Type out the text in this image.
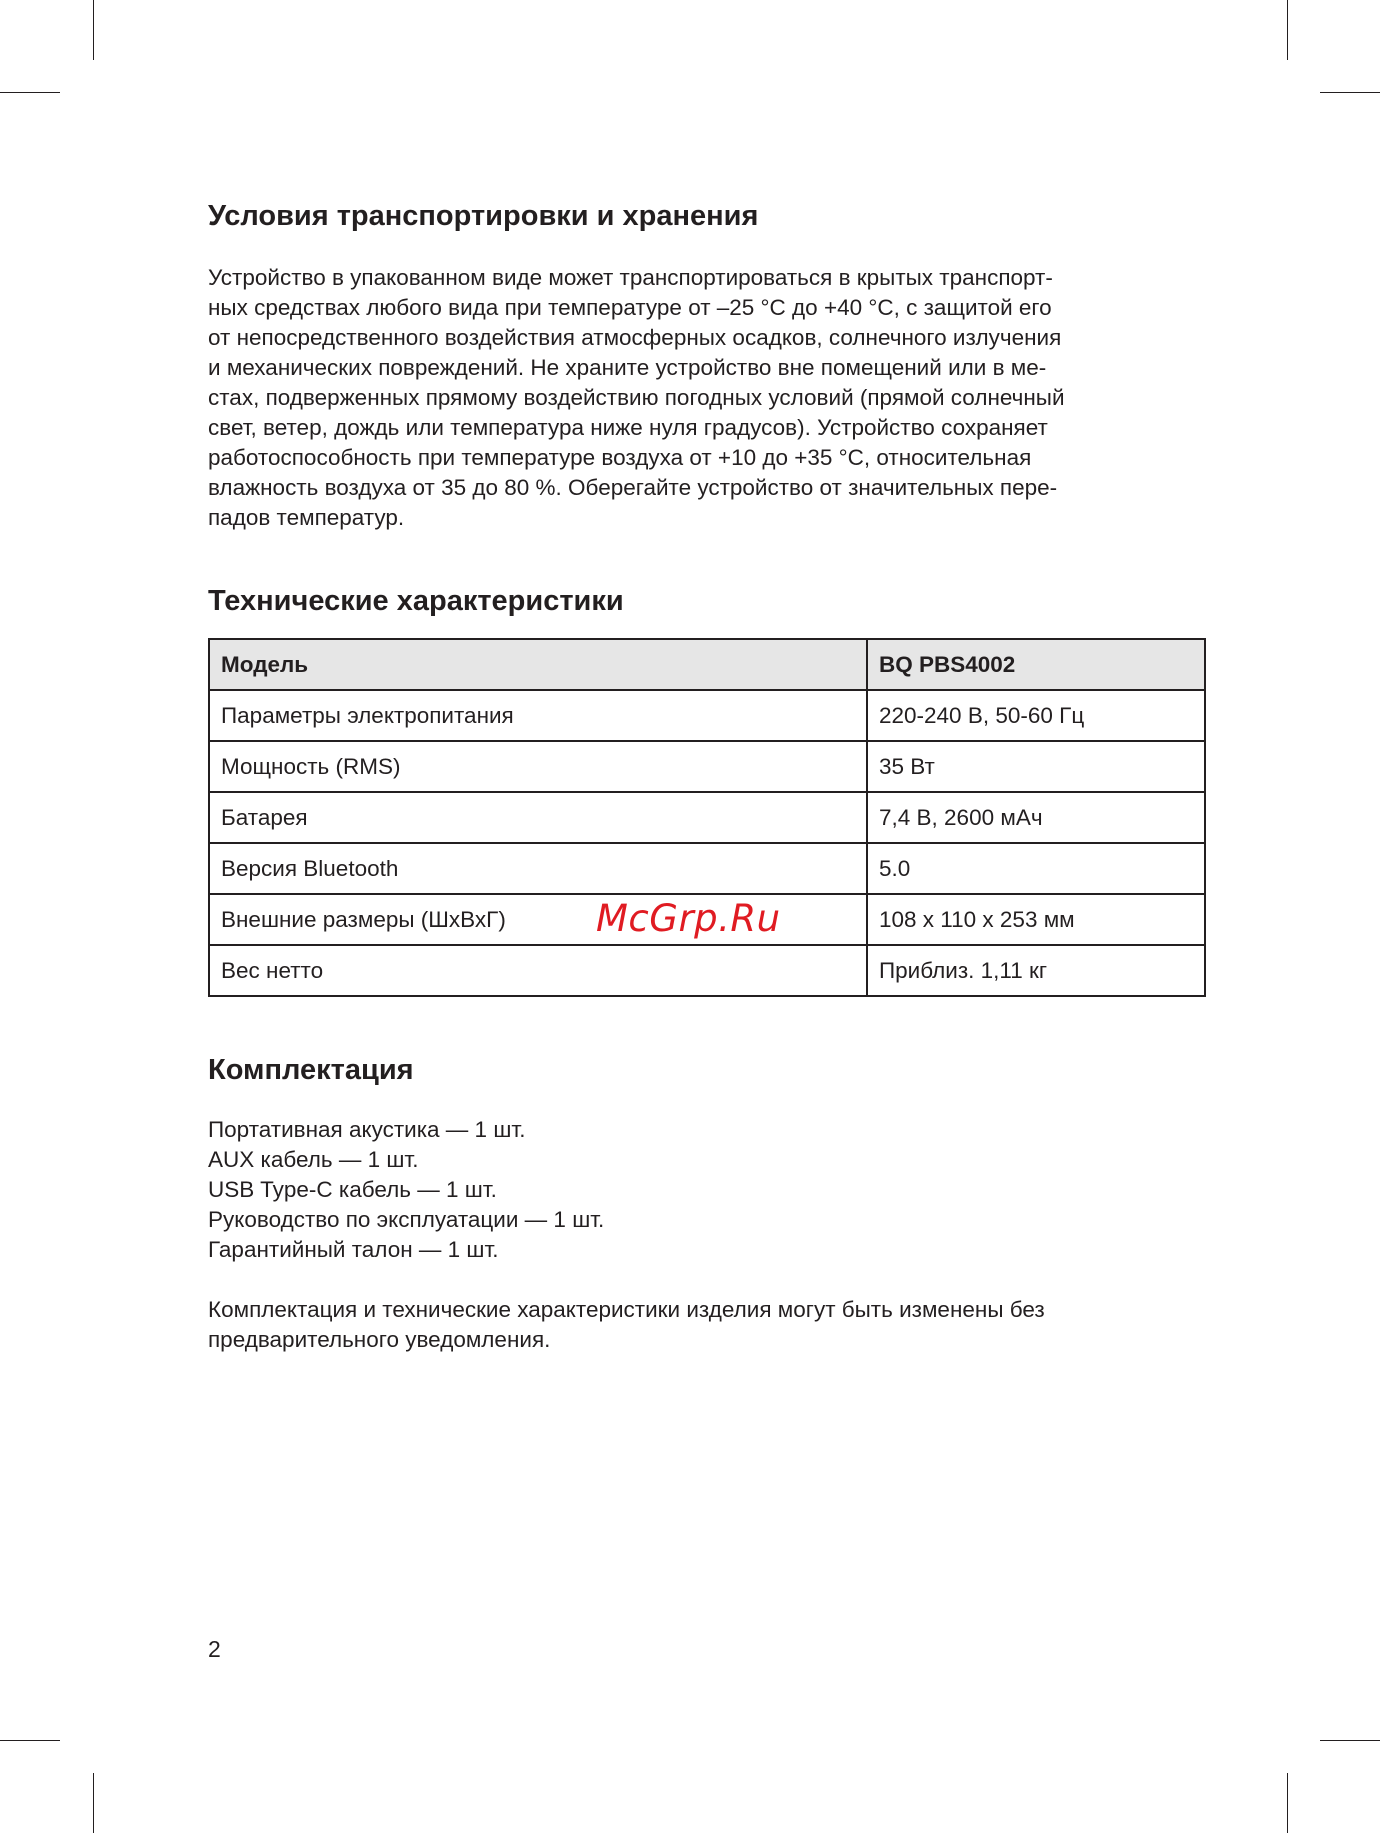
Условия транспортировки и хранения

Устройство в упакованном виде может транспортироваться в крытых транспорт-
ных средствах любого вида при температуре от –25 °C до +40 °C, с защитой его
от непосредственного воздействия атмосферных осадков, солнечного излучения
и механических повреждений. Не храните устройство вне помещений или в ме-
стах, подверженных прямому воздействию погодных условий (прямой солнечный
свет, ветер, дождь или температура ниже нуля градусов). Устройство сохраняет
работоспособность при температуре воздуха от +10 до +35 °C, относительная
влажность воздуха от 35 до 80 %. Оберегайте устройство от значительных пере-
падов температур.

Технические характеристики
Модель	BQ PBS4002
Параметры электропитания	220-240 В, 50-60 Гц
Мощность (RMS)	35 Вт
Батарея	7,4 В, 2600 мАч
Версия Bluetooth	5.0
Внешние размеры (ШхВхГ)	108 x 110 x 253 мм
Вес нетто	Приблиз. 1,11 кг
Комплектация

Портативная акустика — 1 шт.
AUX кабель — 1 шт.
USB Type-C кабель — 1 шт.
Руководство по эксплуатации — 1 шт.
Гарантийный талон — 1 шт.

Комплектация и технические характеристики изделия могут быть изменены без
предварительного уведомления.

McGrp.Ru
2
